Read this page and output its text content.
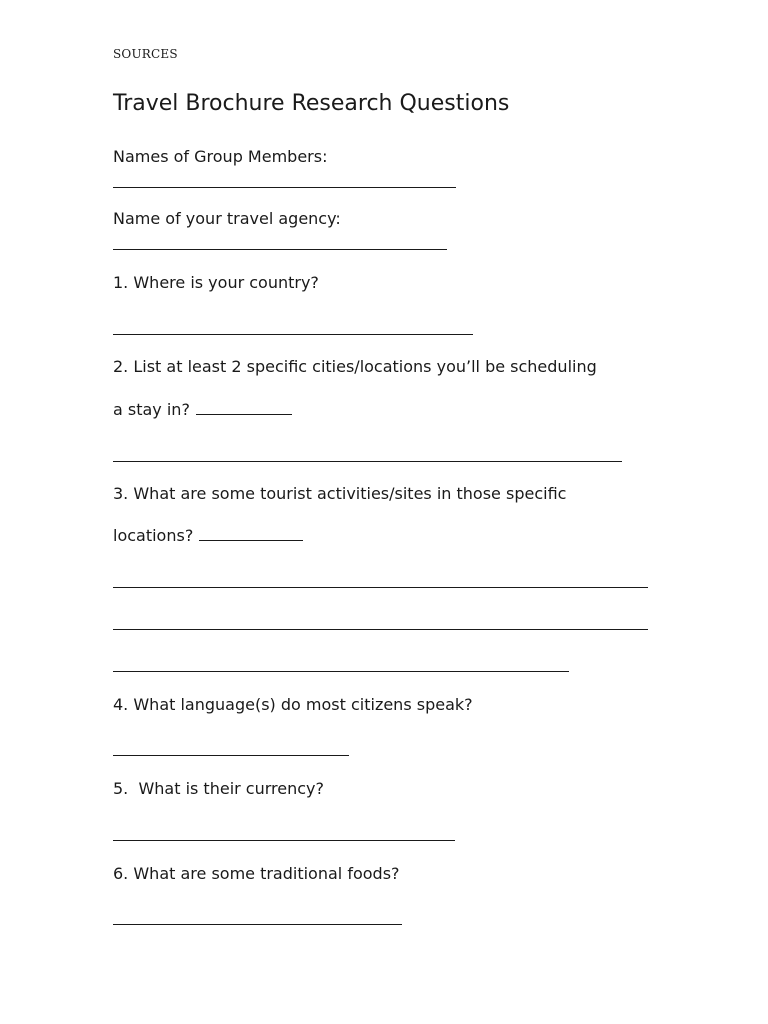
SOURCES
Travel Brochure Research Questions
Names of Group Members:
Name of your travel agency:
1. Where is your country?
2. List at least 2 specific cities/locations you’ll be scheduling
a stay in?
3. What are some tourist activities/sites in those specific
locations?
4. What language(s) do most citizens speak?
5.  What is their currency?
6. What are some traditional foods?
